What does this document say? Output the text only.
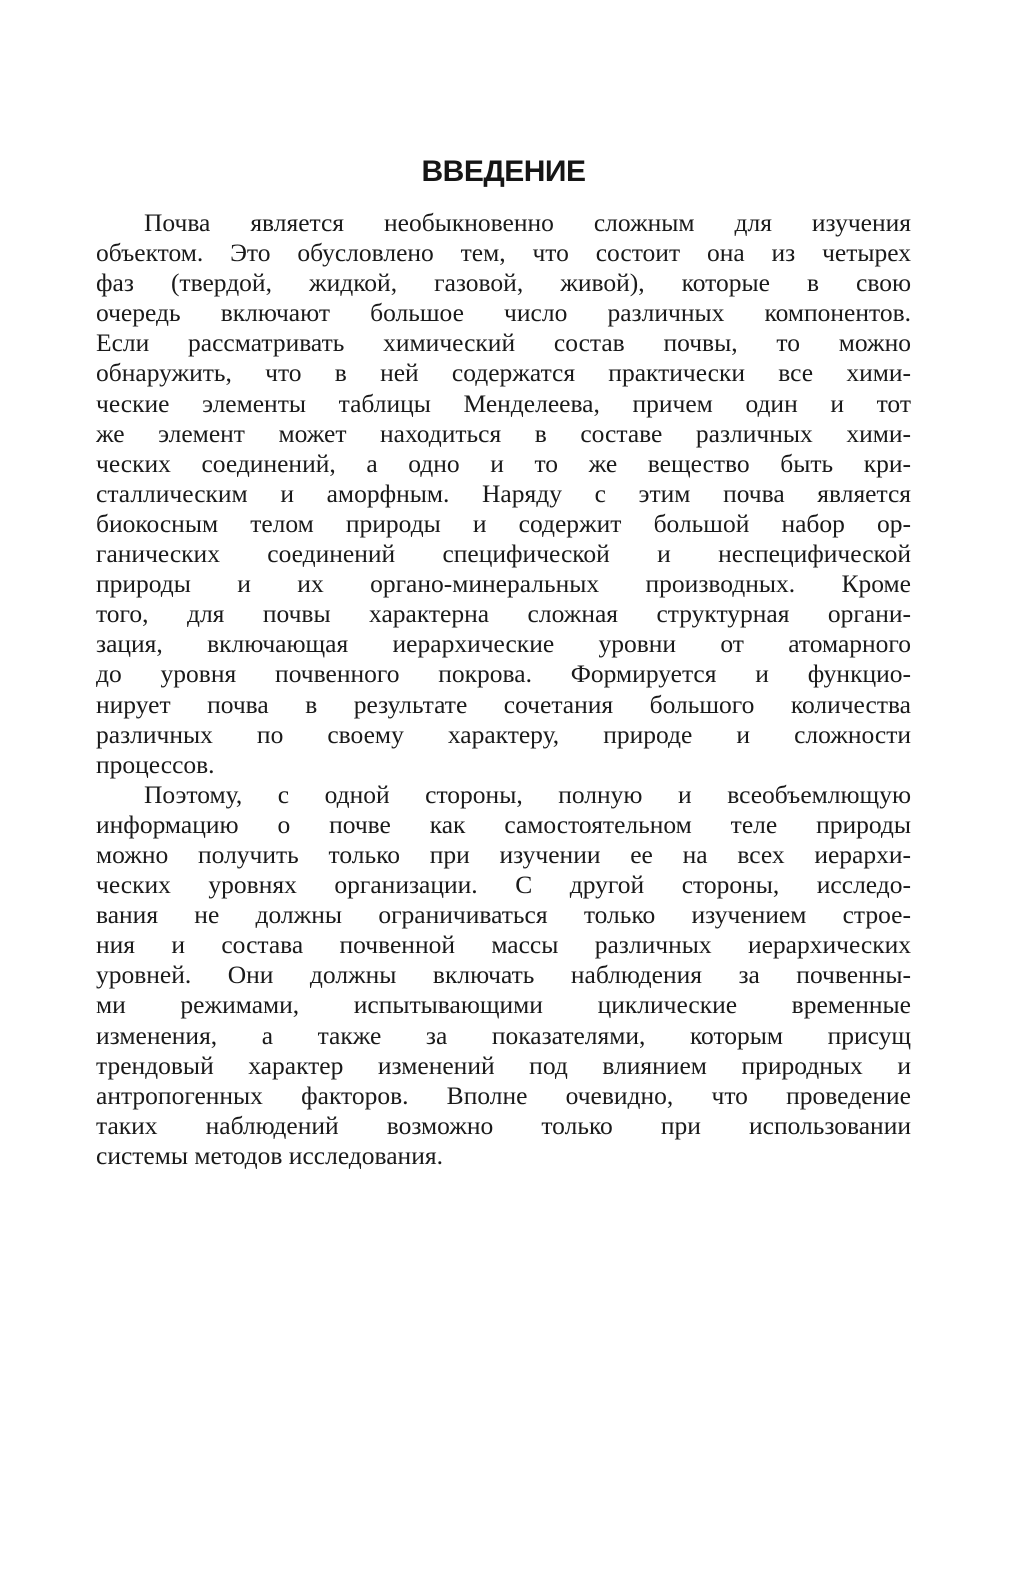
ВВЕДЕНИЕ
Почва является необыкновенно сложным для изучения
объектом. Это обусловлено тем, что состоит она из четырех
фаз (твердой, жидкой, газовой, живой), которые в свою
очередь включают большое число различных компонентов.
Если рассматривать химический состав почвы, то можно
обнаружить, что в ней содержатся практически все хими-
ческие элементы таблицы Менделеева, причем один и тот
же элемент может находиться в составе различных хими-
ческих соединений, а одно и то же вещество быть кри-
сталлическим и аморфным. Наряду с этим почва является
биокосным телом природы и содержит большой набор ор-
ганических соединений специфической и неспецифической
природы и их органо-минеральных производных. Кроме
того, для почвы характерна сложная структурная органи-
зация, включающая иерархические уровни от атомарного
до уровня почвенного покрова. Формируется и функцио-
нирует почва в результате сочетания большого количества
различных по своему характеру, природе и сложности
процессов.
Поэтому, с одной стороны, полную и всеобъемлющую
информацию о почве как самостоятельном теле природы
можно получить только при изучении ее на всех иерархи-
ческих уровнях организации. С другой стороны, исследо-
вания не должны ограничиваться только изучением строе-
ния и состава почвенной массы различных иерархических
уровней. Они должны включать наблюдения за почвенны-
ми режимами, испытывающими циклические временные
изменения, а также за показателями, которым присущ
трендовый характер изменений под влиянием природных и
антропогенных факторов. Вполне очевидно, что проведение
таких наблюдений возможно только при использовании
системы методов исследования.
